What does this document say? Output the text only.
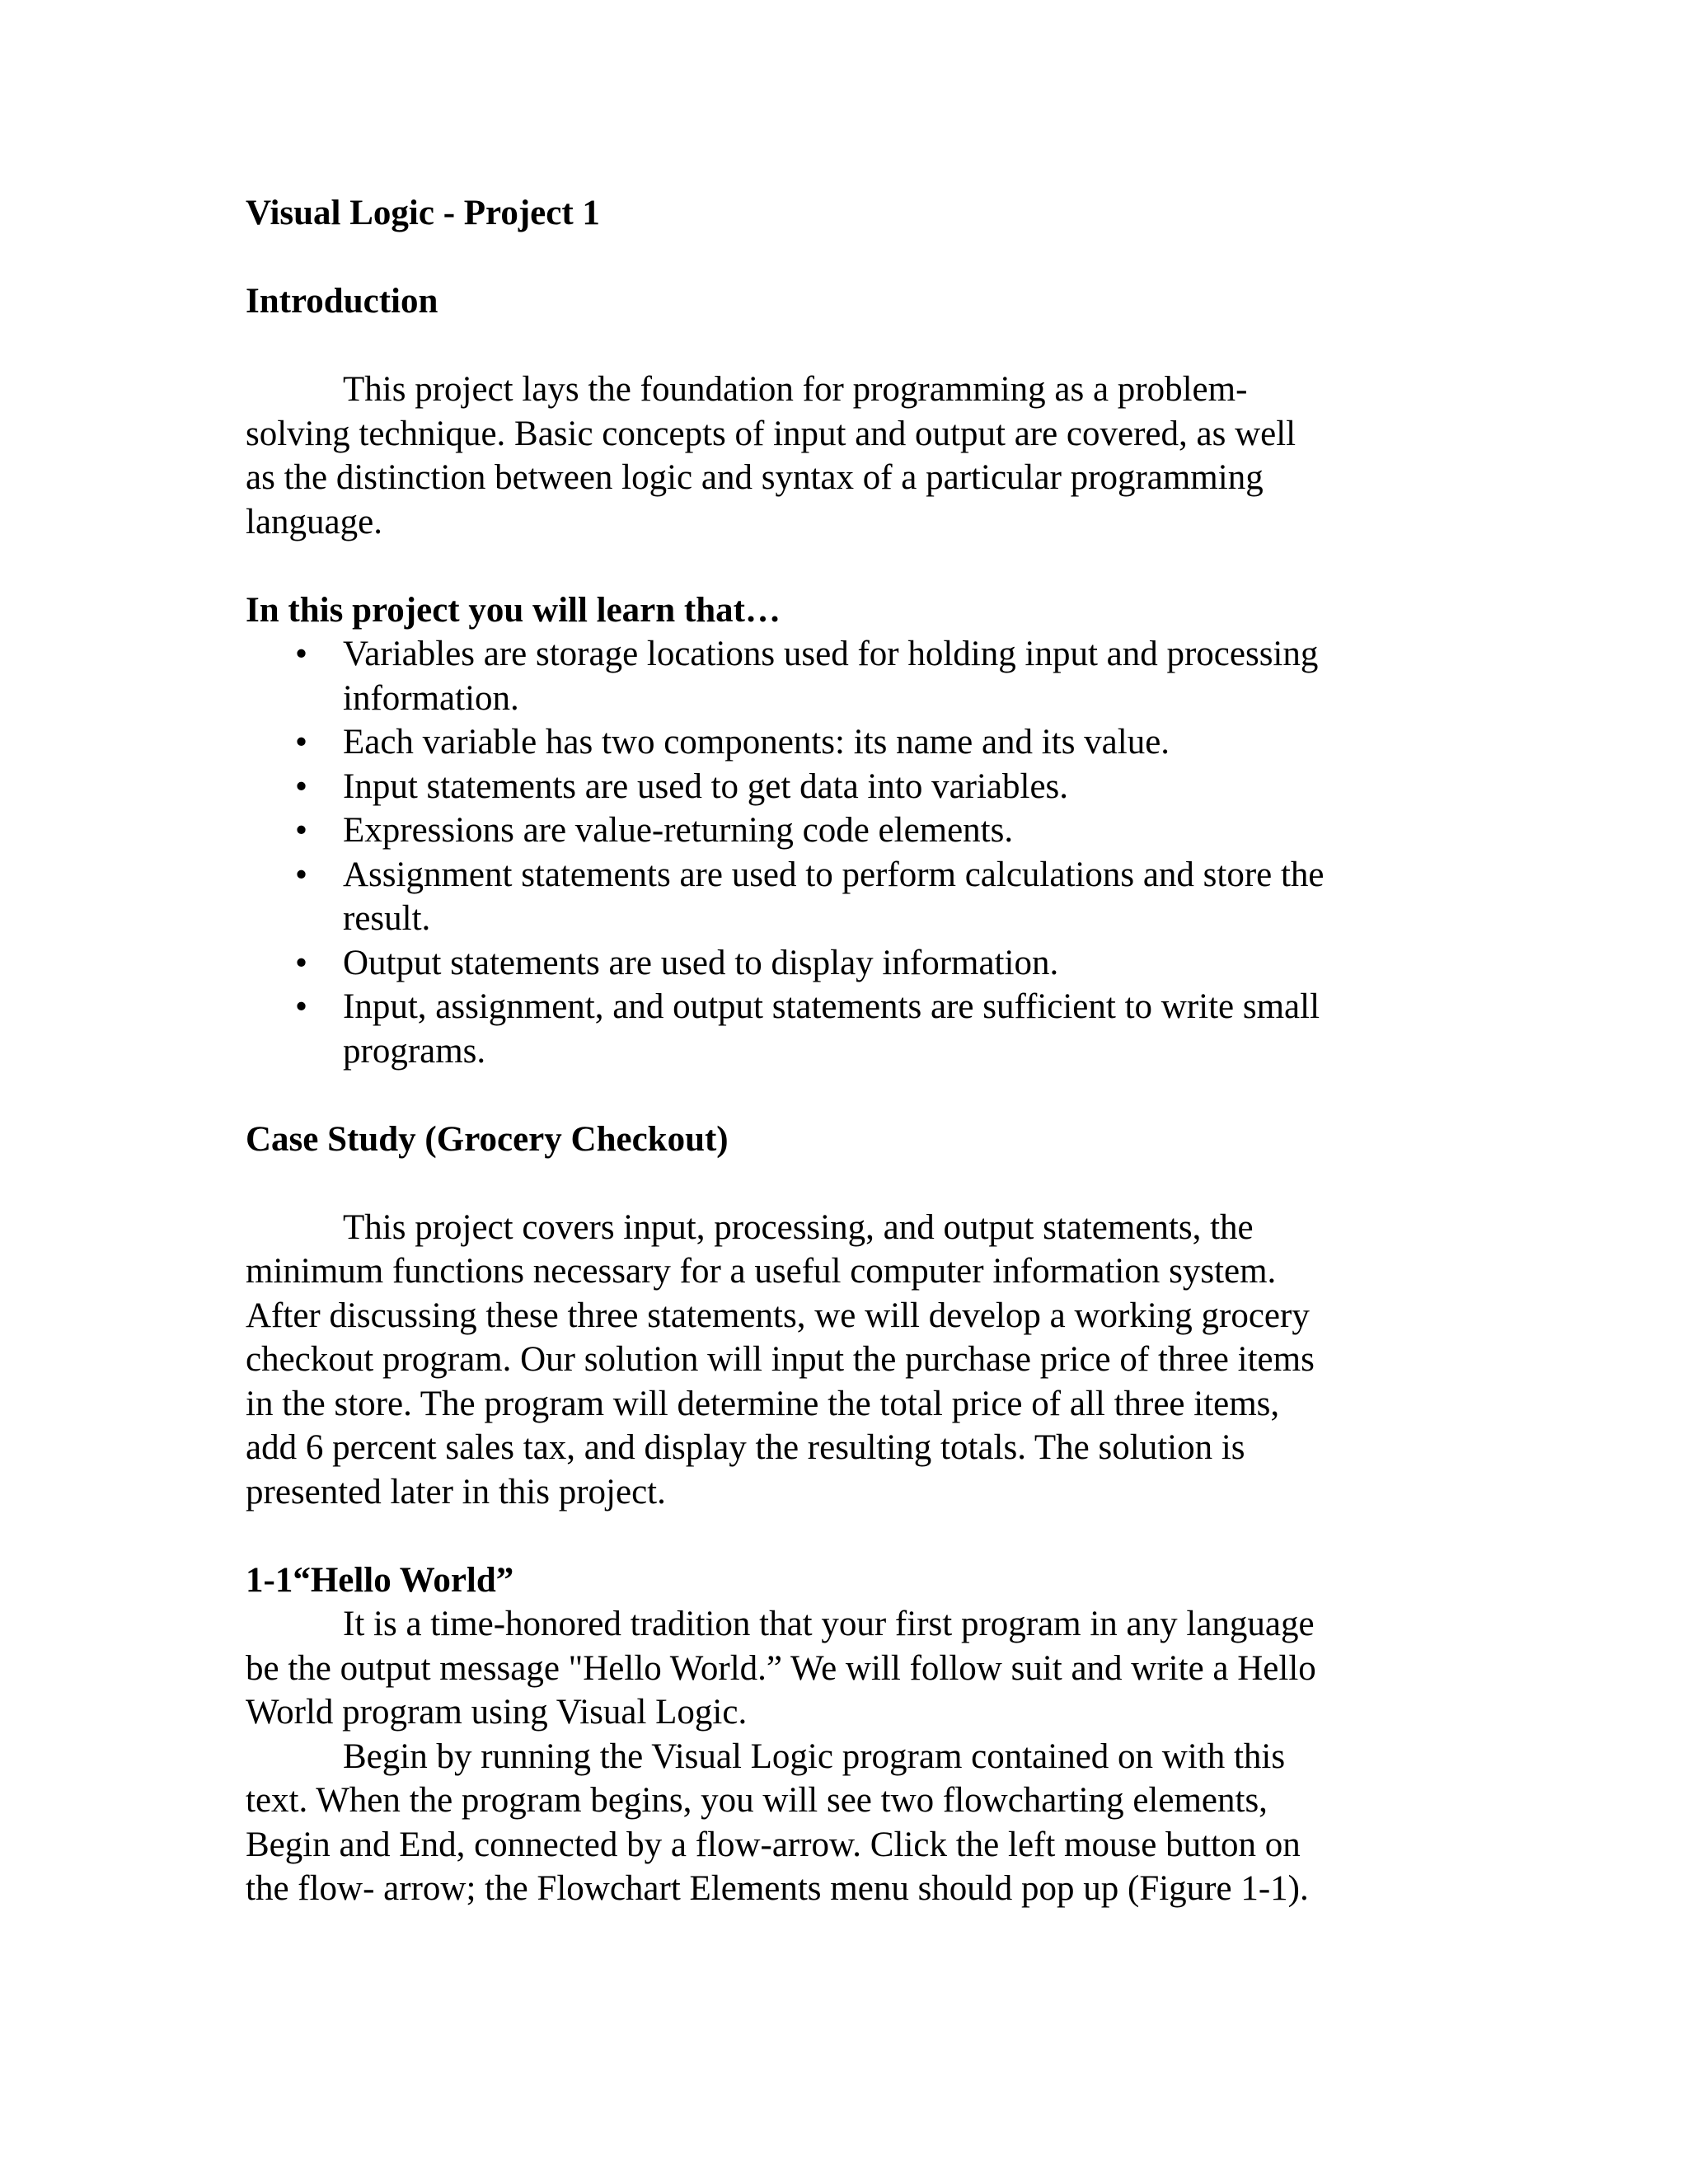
Visual Logic - Project 1
Introduction
This project lays the foundation for programming as a problem-
solving technique. Basic concepts of input and output are covered, as well
as the distinction between logic and syntax of a particular programming
language.
In this project you will learn that…
• Variables are storage locations used for holding input and processing
information.
• Each variable has two components: its name and its value.
• Input statements are used to get data into variables.
• Expressions are value-returning code elements.
• Assignment statements are used to perform calculations and store the
result.
• Output statements are used to display information.
• Input, assignment, and output statements are sufficient to write small
programs.
Case Study (Grocery Checkout)
This project covers input, processing, and output statements, the
minimum functions necessary for a useful computer information system.
After discussing these three statements, we will develop a working grocery
checkout program. Our solution will input the purchase price of three items
in the store. The program will determine the total price of all three items,
add 6 percent sales tax, and display the resulting totals. The solution is
presented later in this project.
1-1“Hello World”
It is a time-honored tradition that your first program in any language
be the output message "Hello World.” We will follow suit and write a Hello
World program using Visual Logic.
Begin by running the Visual Logic program contained on with this
text. When the program begins, you will see two flowcharting elements,
Begin and End, connected by a flow-arrow. Click the left mouse button on
the flow- arrow; the Flowchart Elements menu should pop up (Figure 1-1).
